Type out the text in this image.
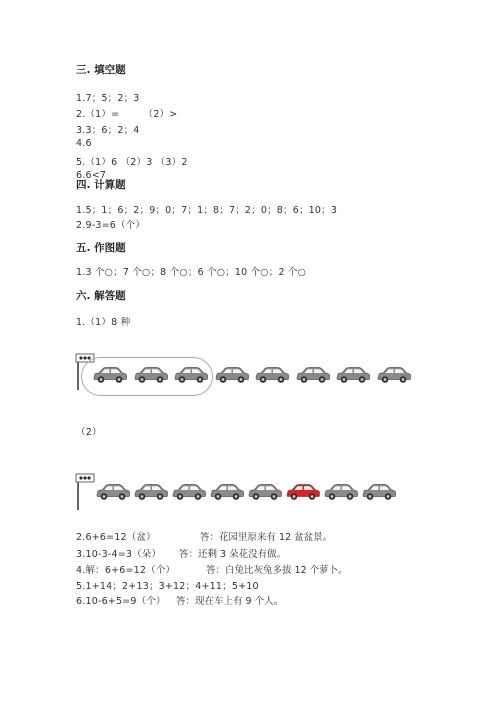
三. 填空题
1.7；5；2；3
2.（1）=　　　（2）>
3.3；6；2；4
4.6
5.（1）6 （2）3 （3）2
6.6<7
四. 计算题
1.5；1；6；2；9；0；7；1；8；7；2；0；8；6；10；3
2.9-3=6（个）
五. 作图题
1.3 个○；7 个○；8 个○；6 个○；10 个○；2 个○
六. 解答题
1.（1）8 种
（2）
2.6+6=12（盆）	答：花园里原来有 12 盆盆景。
3.10-3-4=3（朵） 答：还剩 3 朵花没有做。
4.解：6+6=12（个）	答：白兔比灰兔多拔 12 个萝卜。
5.1+14；2+13；3+12；4+11；5+10
6.10-6+5=9（个） 答：现在车上有 9 个人。
